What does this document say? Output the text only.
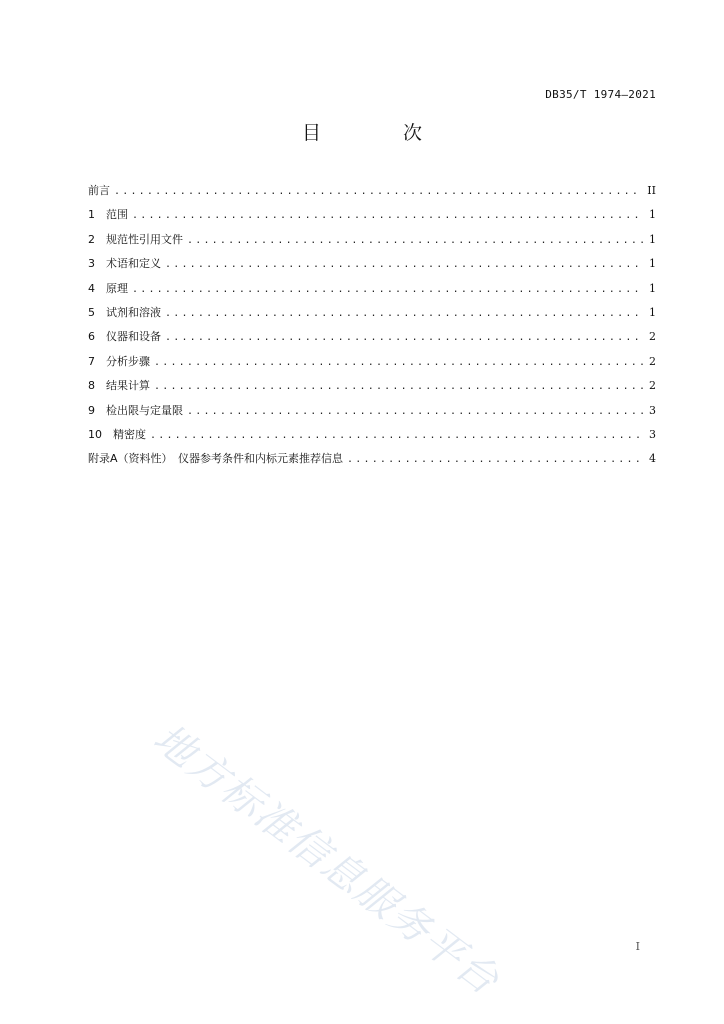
DB35/T 1974—2021
目 次
前言 .....	II
1　范围 .....	1
2　规范性引用文件 .....	1
3　术语和定义 .....	1
4　原理 .....	1
5　试剂和溶液 .....	1
6　仪器和设备 .....	2
7　分析步骤 .....	2
8　结果计算 .....	2
9　检出限与定量限 .....	3
10　精密度 .....	3
附录A（资料性）　仪器参考条件和内标元素推荐信息 .....	4
地方标准信息服务平台	I
